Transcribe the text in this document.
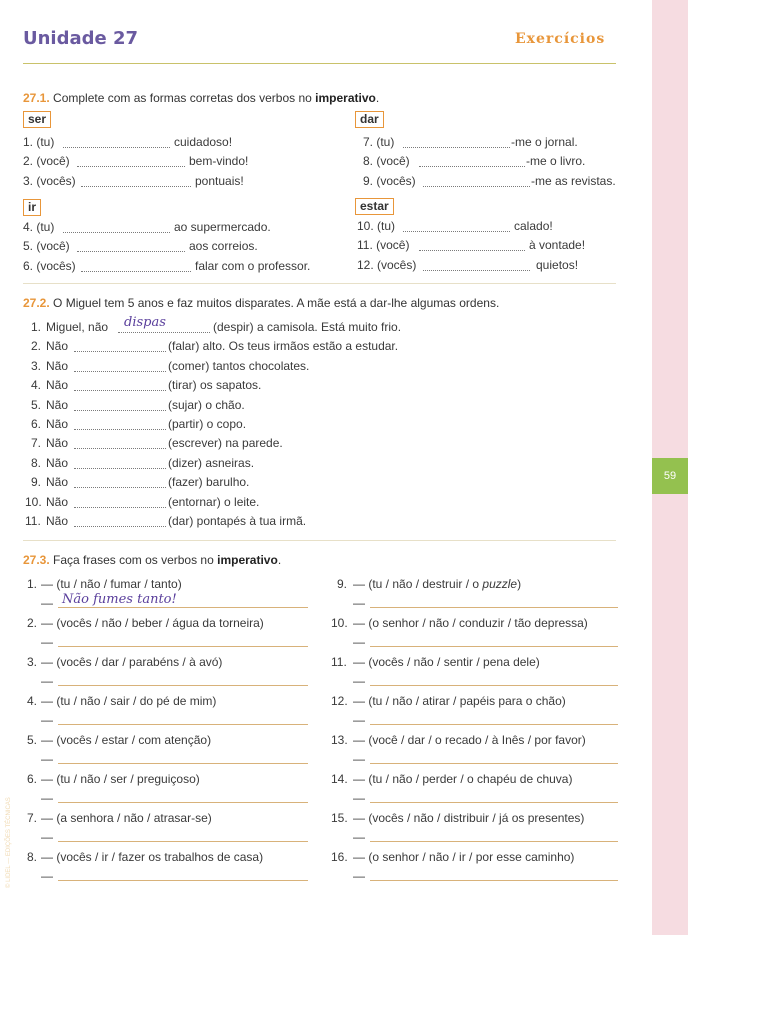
Unidade 27	Exercícios
59
© LIDEL — EDIÇÕES TÉCNICAS
27.1. Complete com as formas corretas dos verbos no imperativo.
ser	dar
ir	estar
1. (tu)	cuidadoso!
2. (você)	bem-vindo!
3. (vocês)	pontuais!
7. (tu)	-me o jornal.
8. (você)	-me o livro.
9. (vocês)	-me as revistas.
4. (tu)	ao supermercado.
5. (você)	aos correios.
6. (vocês)	falar com o professor.
10. (tu)	calado!
11. (você)	à vontade!
12. (vocês)	quietos!
27.2. O Miguel tem 5 anos e faz muitos disparates. A mãe está a dar-lhe algumas ordens.
1. Miguel, não dispas	(despir) a camisola. Está muito frio.
2. Não	(falar) alto. Os teus irmãos estão a estudar.
3. Não	(comer) tantos chocolates.
4. Não	(tirar) os sapatos.
5. Não	(sujar) o chão.
6. Não	(partir) o copo.
7. Não	(escrever) na parede.
8. Não	(dizer) asneiras.
9. Não	(fazer) barulho.
10. Não	(entornar) o leite.
11. Não	(dar) pontapés à tua irmã.
27.3. Faça frases com os verbos no imperativo.
1. — (tu / não / fumar / tanto)
— Não fumes tanto!
2. — (vocês / não / beber / água da torneira)
—
3. — (vocês / dar / parabéns / à avó)
—
4. — (tu / não / sair / do pé de mim)
—
5. — (vocês / estar / com atenção)
—
6. — (tu / não / ser / preguiçoso)
—
7. — (a senhora / não / atrasar-se)
—
8. — (vocês / ir / fazer os trabalhos de casa)
—
9. — (tu / não / destruir / o puzzle)
—
10. — (o senhor / não / conduzir / tão depressa)
—
11. — (vocês / não / sentir / pena dele)
—
12. — (tu / não / atirar / papéis para o chão)
—
13. — (você / dar / o recado / à Inês / por favor)
—
14. — (tu / não / perder / o chapéu de chuva)
—
15. — (vocês / não / distribuir / já os presentes)
—
16. — (o senhor / não / ir / por esse caminho)
—
